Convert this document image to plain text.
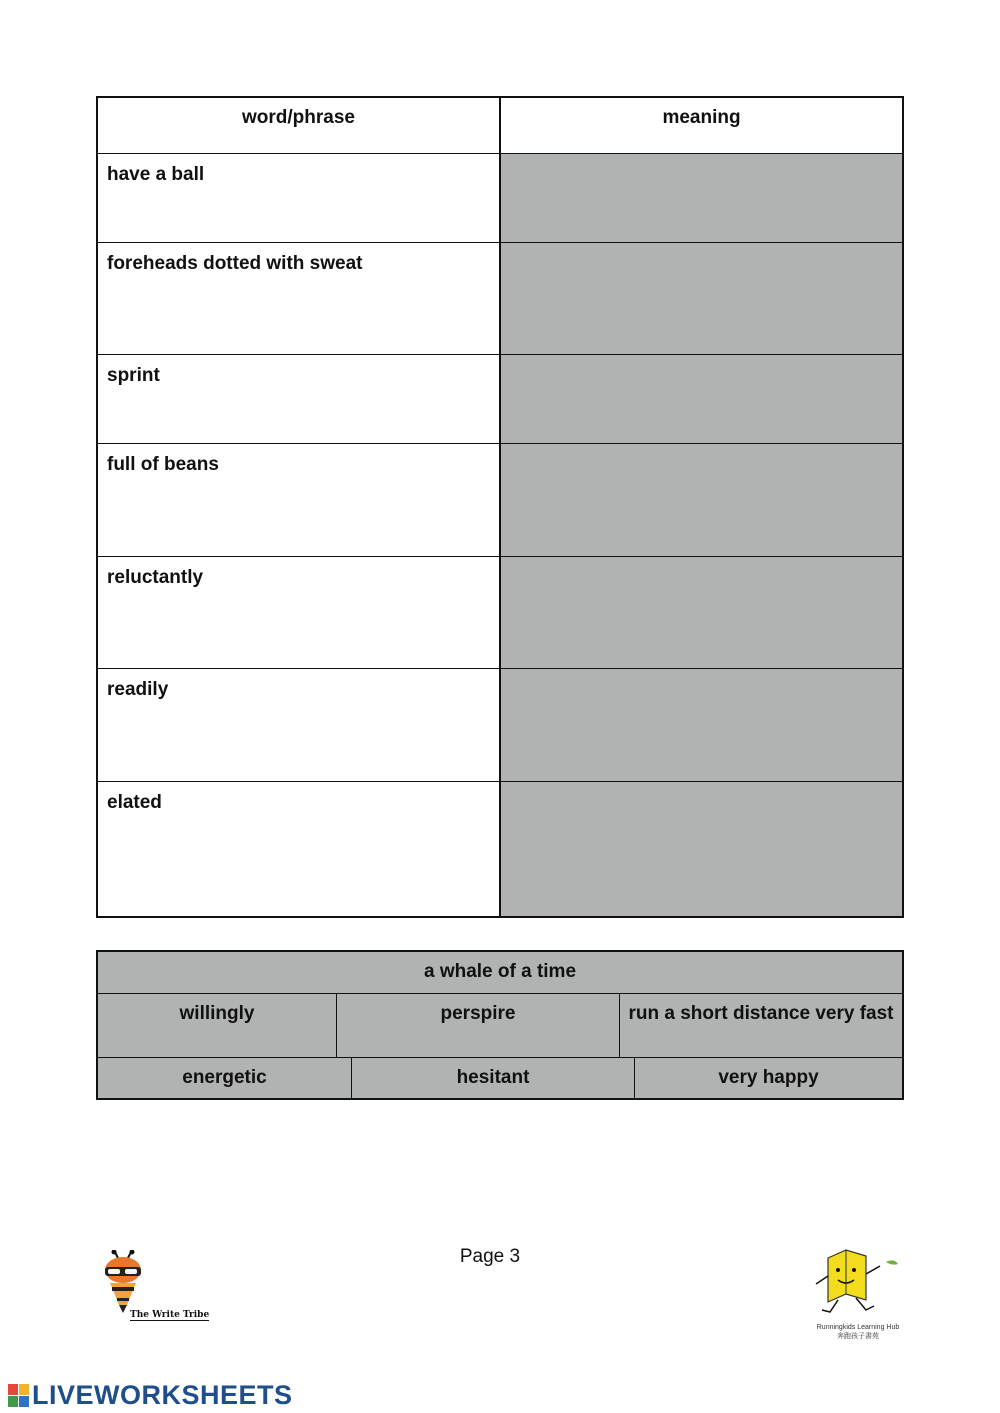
word/phrase	meaning
have a ball
foreheads dotted with sweat
sprint
full of beans
reluctantly
readily
elated
a whale of a time
willingly	perspire	run a short distance very fast
energetic	hesitant	very happy
Page 3
The Write Tribe
Runningkids Learning Hub
奔跑孩子書苑
LIVEWORKSHEETS
